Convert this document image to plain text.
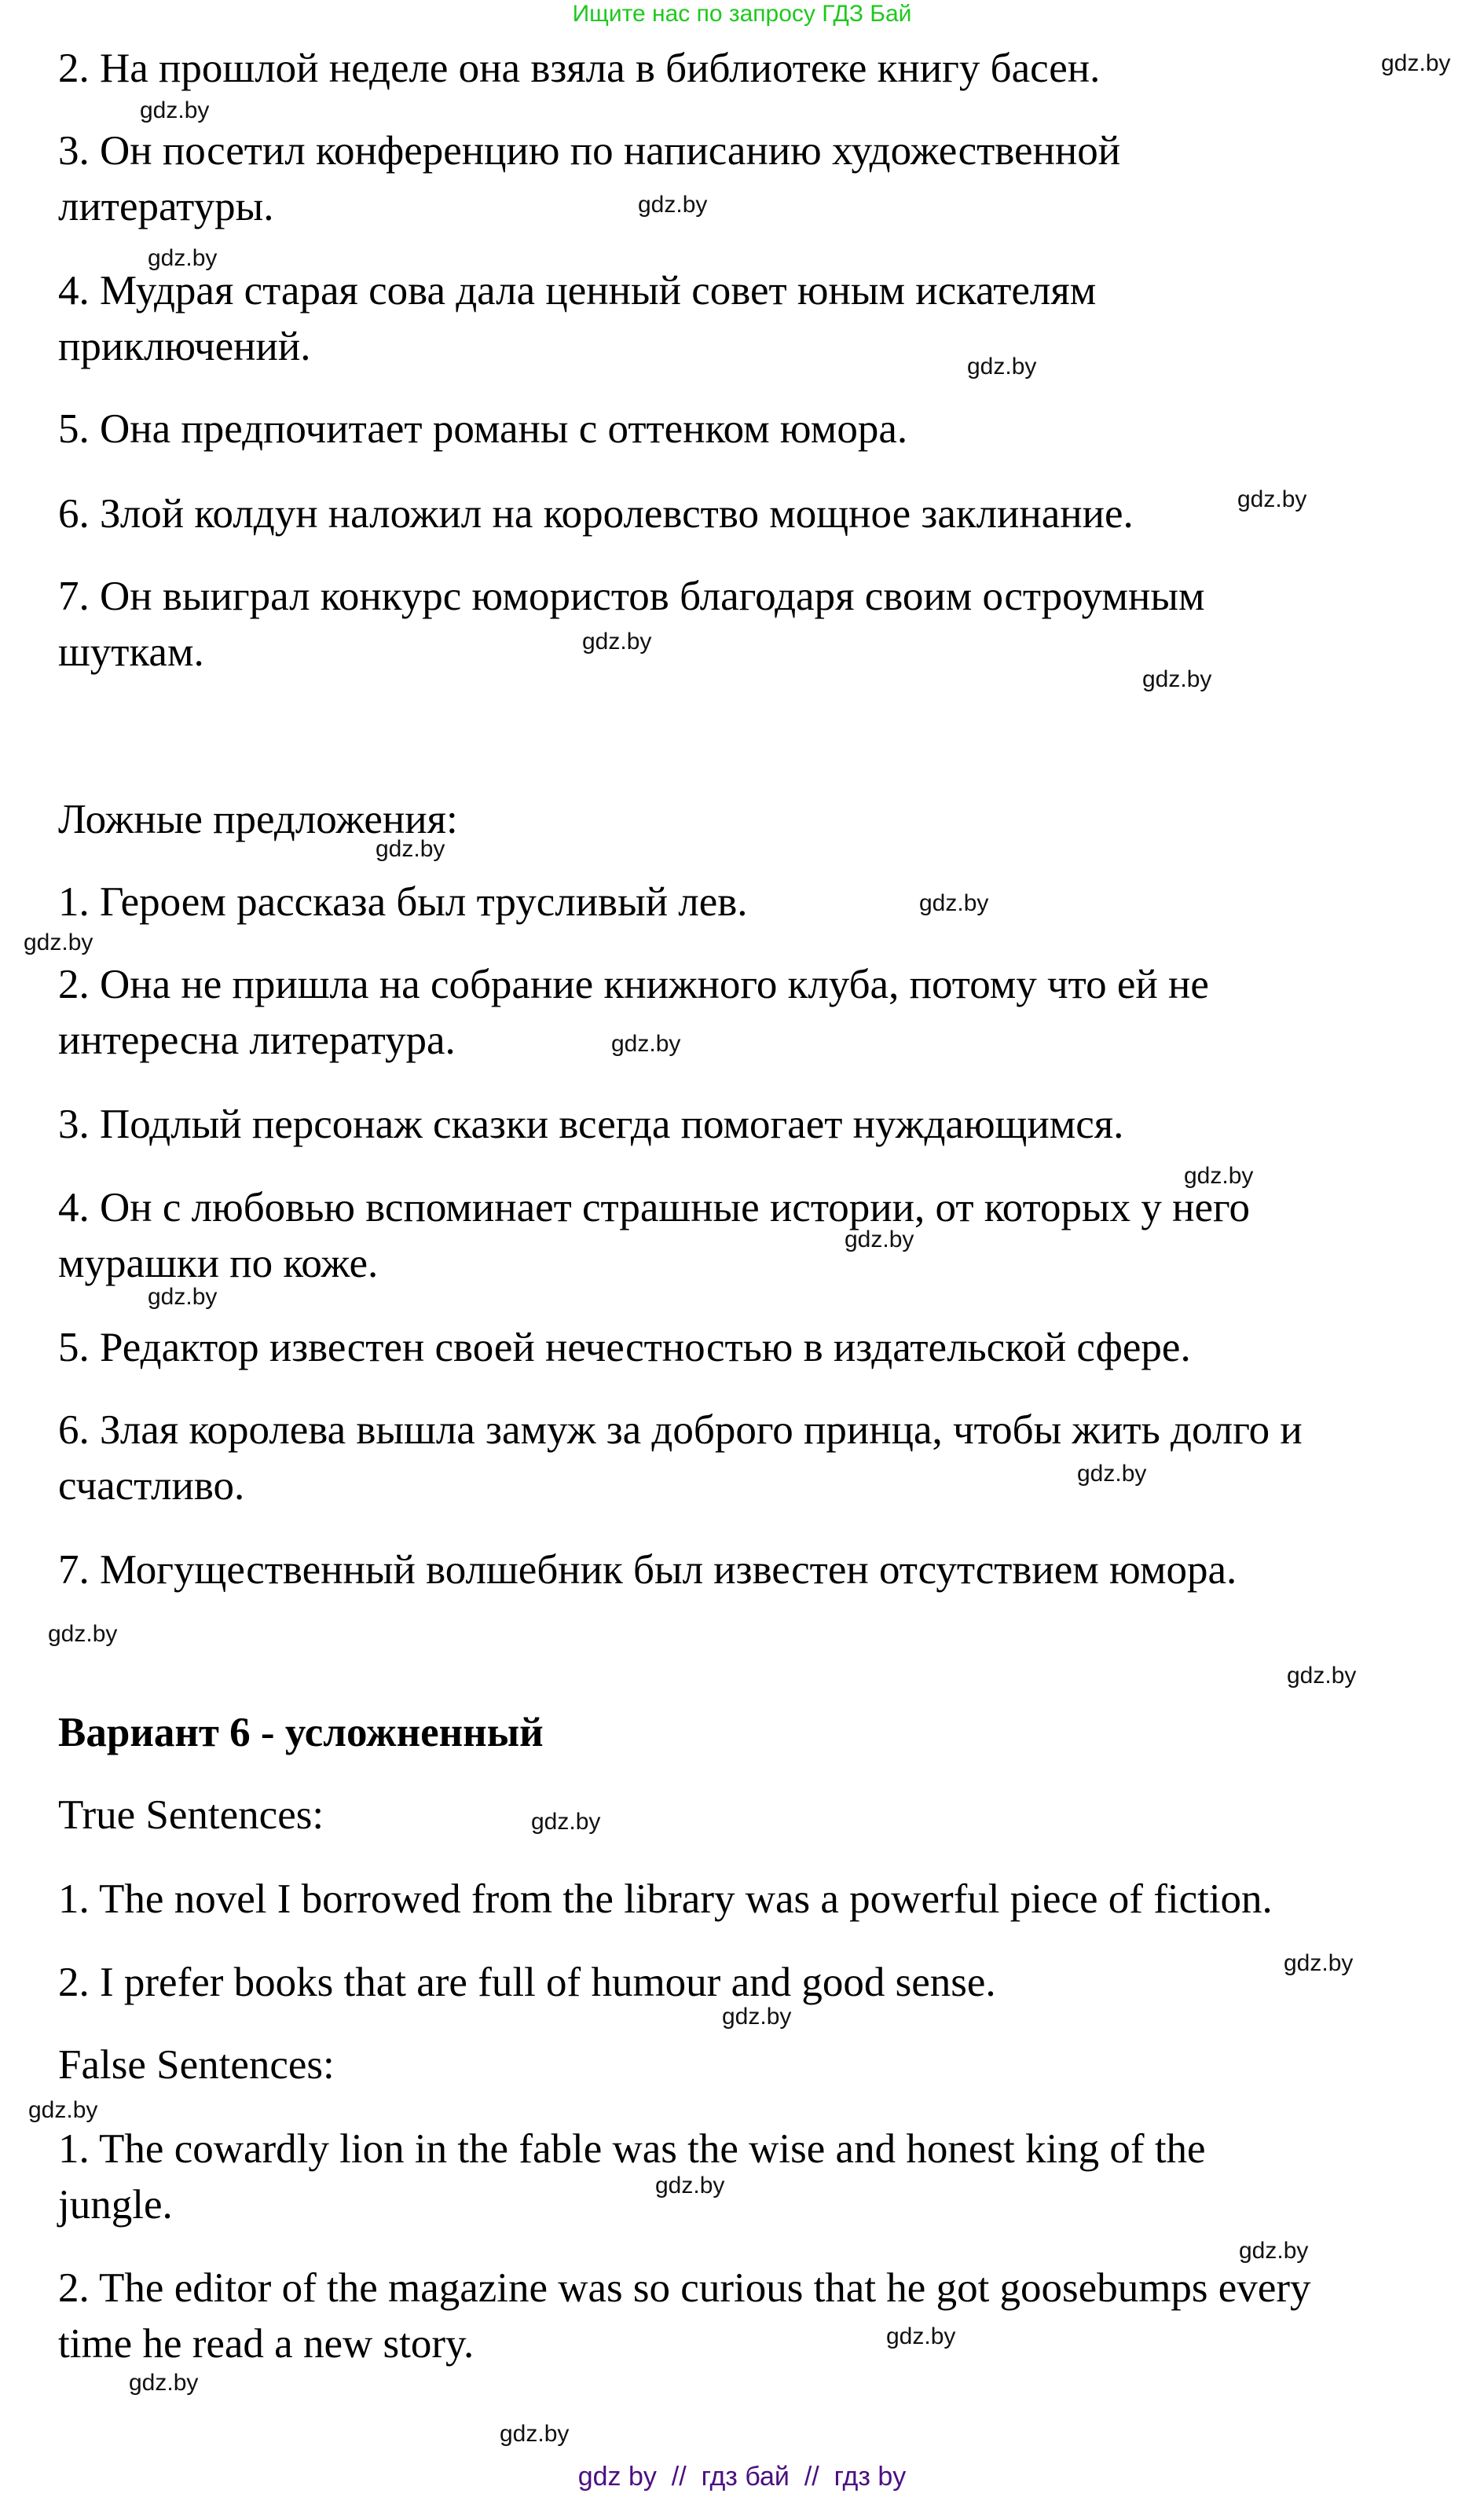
Ищите нас по запросу ГДЗ Бай
2. На прошлой неделе она взяла в библиотеке книгу басен.
3. Он посетил конференцию по написанию художественной
литературы.
4. Мудрая старая сова дала ценный совет юным искателям
приключений.
5. Она предпочитает романы с оттенком юмора.
6. Злой колдун наложил на королевство мощное заклинание.
7. Он выиграл конкурс юмористов благодаря своим остроумным
шуткам.
Ложные предложения:
1. Героем рассказа был трусливый лев.
2. Она не пришла на собрание книжного клуба, потому что ей не
интересна литература.
3. Подлый персонаж сказки всегда помогает нуждающимся.
4. Он с любовью вспоминает страшные истории, от которых у него
мурашки по коже.
5. Редактор известен своей нечестностью в издательской сфере.
6. Злая королева вышла замуж за доброго принца, чтобы жить долго и
счастливо.
7. Могущественный волшебник был известен отсутствием юмора.
Вариант 6 - усложненный
True Sentences:
1. The novel I borrowed from the library was a powerful piece of fiction.
2. I prefer books that are full of humour and good sense.
False Sentences:
1. The cowardly lion in the fable was the wise and honest king of the
jungle.
2. The editor of the magazine was so curious that he got goosebumps every
time he read a new story.
gdz.by
gdz.by
gdz.by
gdz.by
gdz.by
gdz.by
gdz.by
gdz.by
gdz.by
gdz.by
gdz.by
gdz.by
gdz.by
gdz.by
gdz.by
gdz.by
gdz.by
gdz.by
gdz.by
gdz.by
gdz.by
gdz.by
gdz.by
gdz.by
gdz.by
gdz.by
gdz.by
gdz by  //  гдз бай  //  гдз by
